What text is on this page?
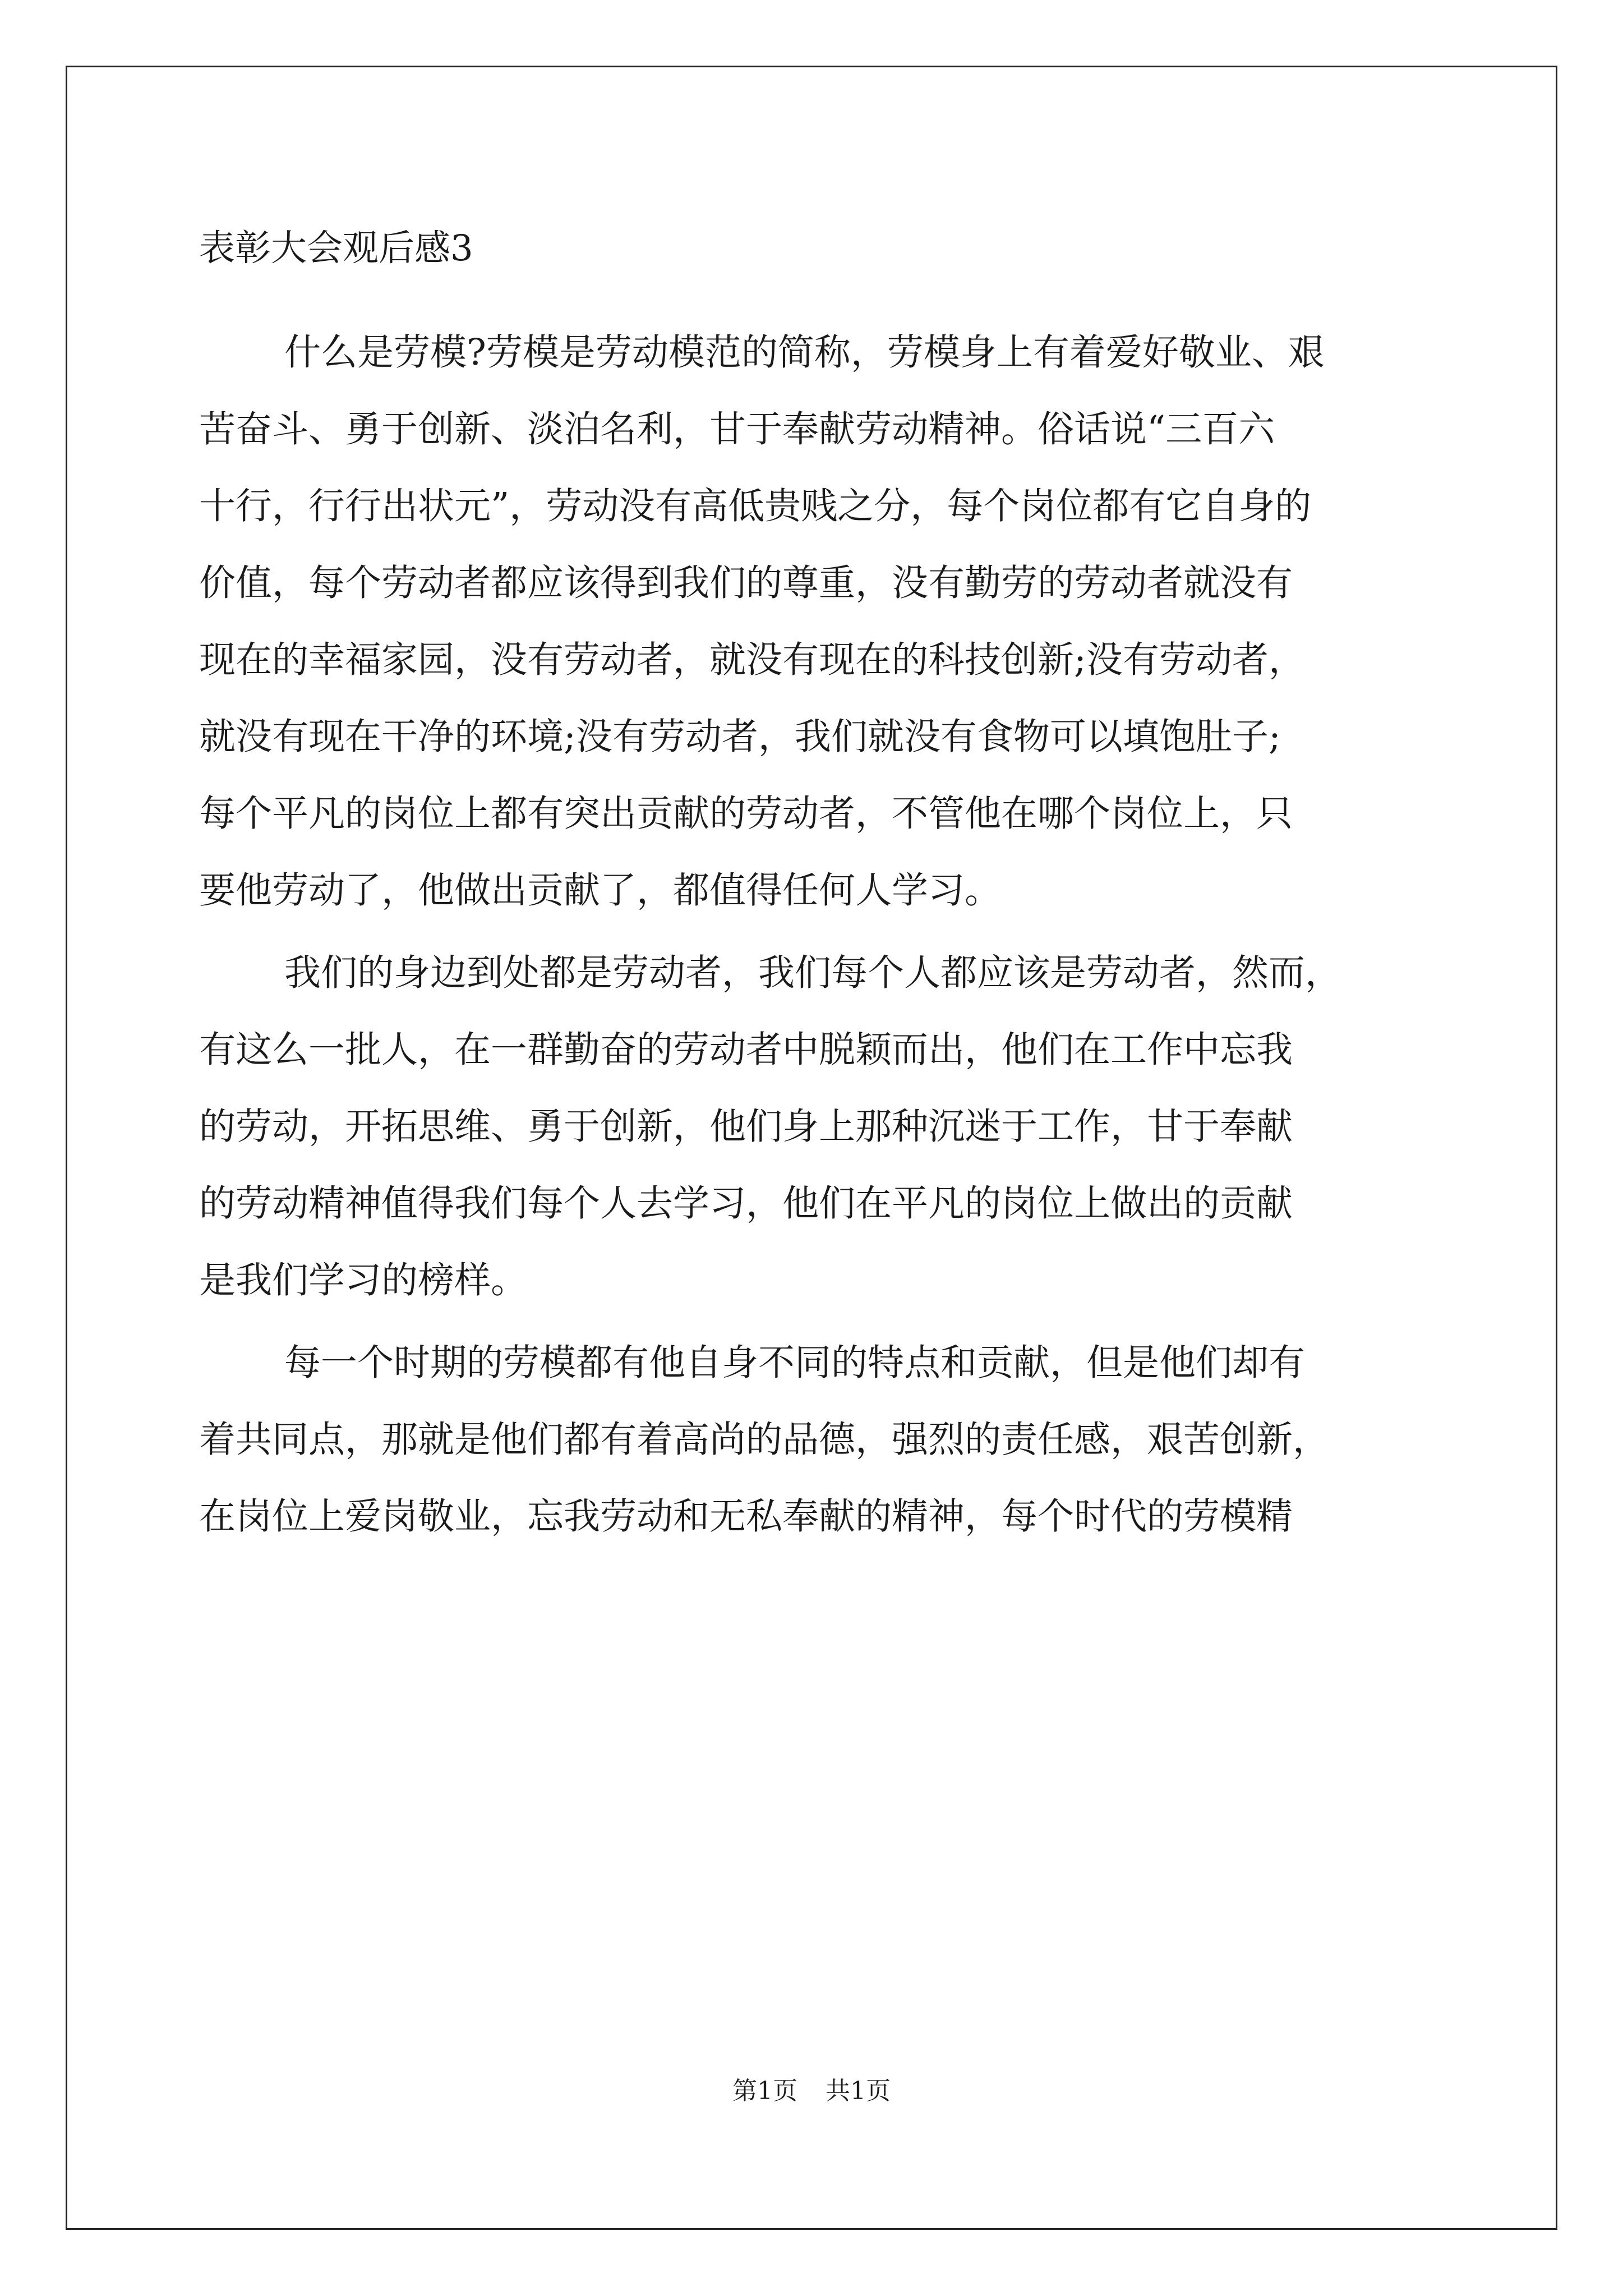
表彰大会观后感3
什么是劳模?劳模是劳动模范的简称，劳模身上有着爱好敬业、艰
苦奋斗、勇于创新、淡泊名利，甘于奉献劳动精神。俗话说“三百六
十行，行行出状元”，劳动没有高低贵贱之分，每个岗位都有它自身的
价值，每个劳动者都应该得到我们的尊重，没有勤劳的劳动者就没有
现在的幸福家园，没有劳动者，就没有现在的科技创新;没有劳动者，
就没有现在干净的环境;没有劳动者，我们就没有食物可以填饱肚子;
每个平凡的岗位上都有突出贡献的劳动者，不管他在哪个岗位上，只
要他劳动了，他做出贡献了，都值得任何人学习。
我们的身边到处都是劳动者，我们每个人都应该是劳动者，然而，
有这么一批人，在一群勤奋的劳动者中脱颖而出，他们在工作中忘我
的劳动，开拓思维、勇于创新，他们身上那种沉迷于工作，甘于奉献
的劳动精神值得我们每个人去学习，他们在平凡的岗位上做出的贡献
是我们学习的榜样。
每一个时期的劳模都有他自身不同的特点和贡献，但是他们却有
着共同点，那就是他们都有着高尚的品德，强烈的责任感，艰苦创新，
在岗位上爱岗敬业，忘我劳动和无私奉献的精神，每个时代的劳模精
第1页 共1页
